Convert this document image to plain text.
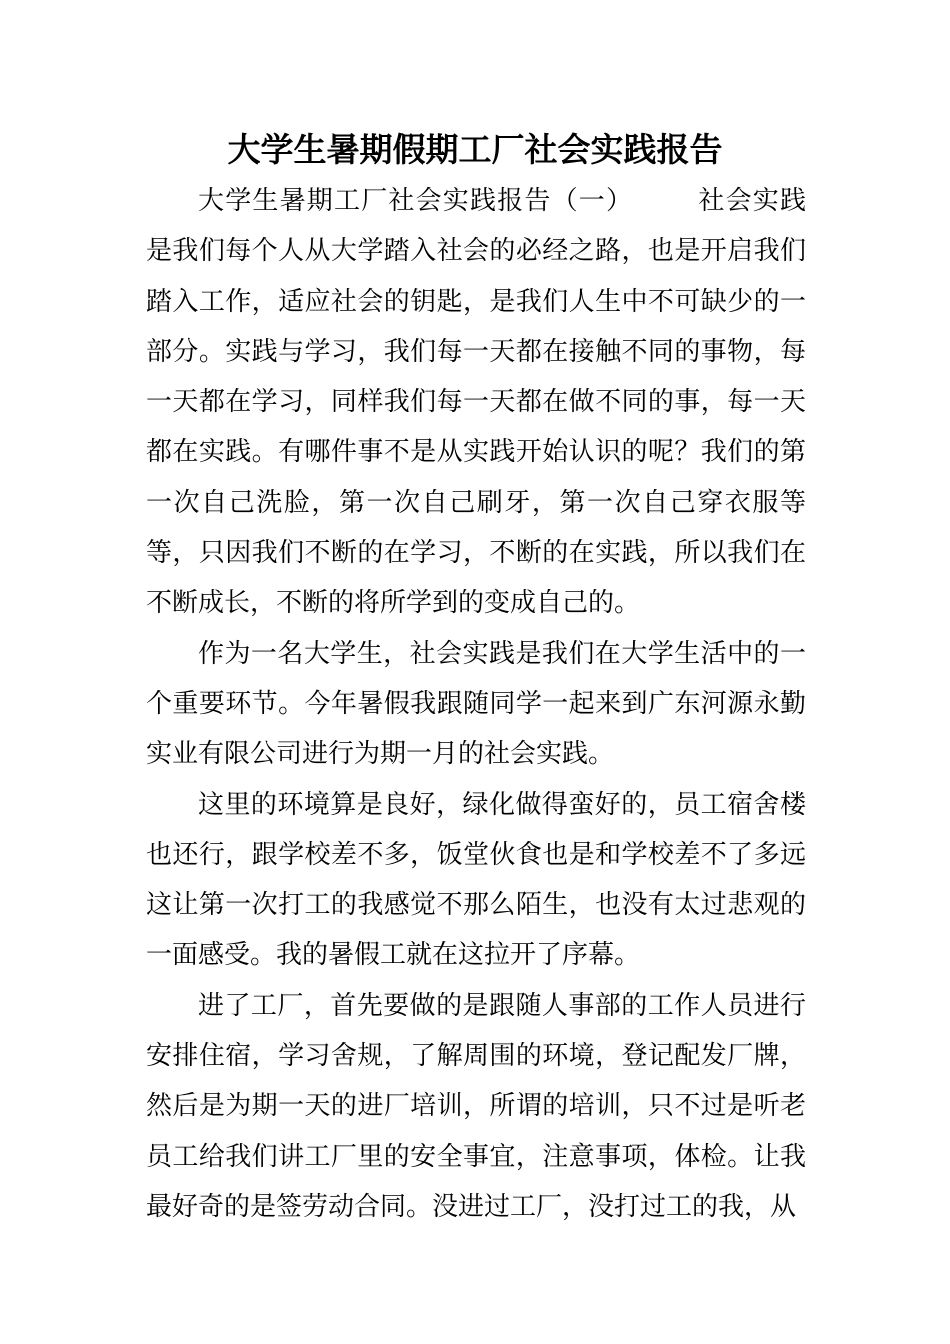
大学生暑期假期工厂社会实践报告

大学生暑期工厂社会实践报告（一） 社会实践是我们每个人从大学踏入社会的必经之路，也是开启我们踏入工作，适应社会的钥匙，是我们人生中不可缺少的一部分。实践与学习，我们每一天都在接触不同的事物，每一天都在学习，同样我们每一天都在做不同的事，每一天都在实践。有哪件事不是从实践开始认识的呢？我们的第一次自己洗脸，第一次自己刷牙，第一次自己穿衣服等等，只因我们不断的在学习，不断的在实践，所以我们在不断成长，不断的将所学到的变成自己的。

作为一名大学生，社会实践是我们在大学生活中的一个重要环节。今年暑假我跟随同学一起来到广东河源永勤实业有限公司进行为期一月的社会实践。

这里的环境算是良好，绿化做得蛮好的，员工宿舍楼也还行，跟学校差不多，饭堂伙食也是和学校差不了多远这让第一次打工的我感觉不那么陌生，也没有太过悲观的一面感受。我的暑假工就在这拉开了序幕。

进了工厂，首先要做的是跟随人事部的工作人员进行安排住宿，学习舍规，了解周围的环境，登记配发厂牌，然后是为期一天的进厂培训，所谓的培训，只不过是听老员工给我们讲工厂里的安全事宜，注意事项，体检。让我最好奇的是签劳动合同。没进过工厂，没打过工的我，从
